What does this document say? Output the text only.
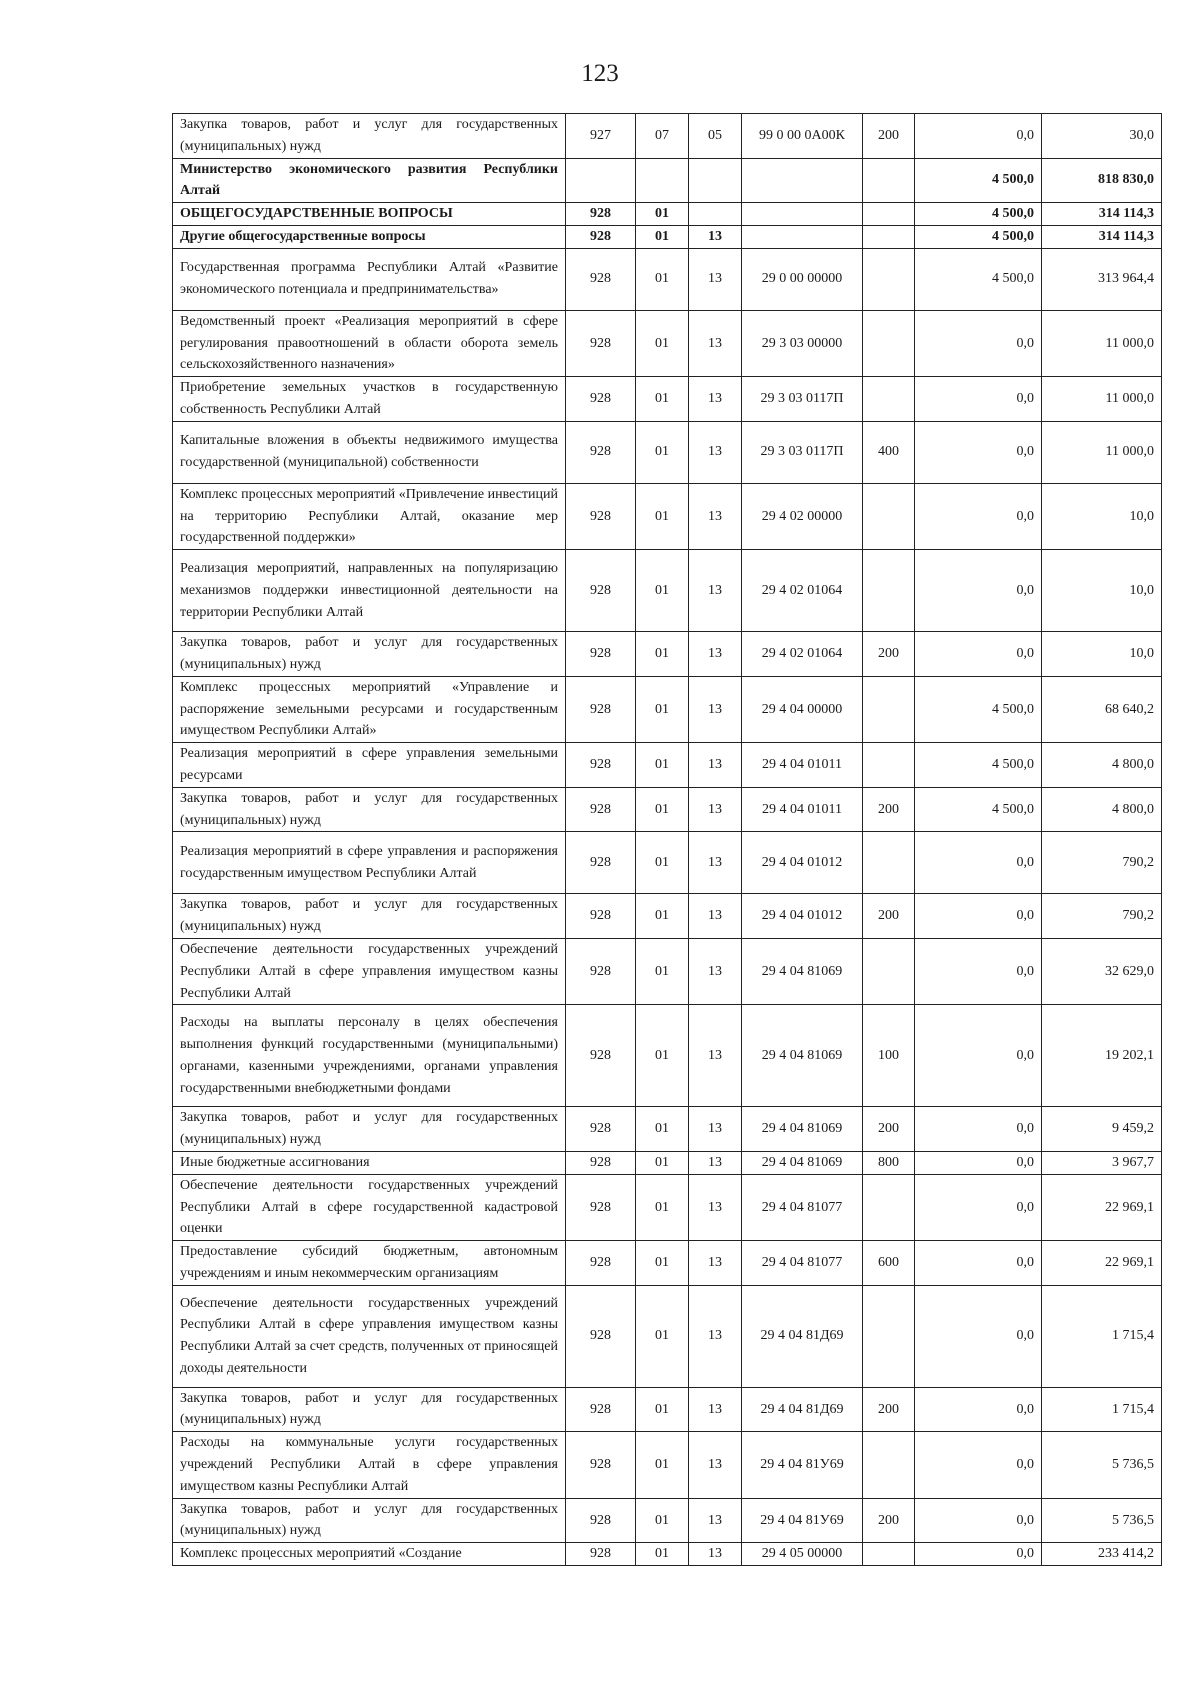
123
Закупка товаров, работ и услуг для государственных (муниципальных) нужд	927	07	05	99 0 00 0А00К	200	0,0	30,0
Министерство экономического развития Республики Алтай						4 500,0	818 830,0
ОБЩЕГОСУДАРСТВЕННЫЕ ВОПРОСЫ	928	01				4 500,0	314 114,3
Другие общегосударственные вопросы	928	01	13			4 500,0	314 114,3
Государственная программа Республики Алтай «Развитие экономического потенциала и предпринимательства»	928	01	13	29 0 00 00000		4 500,0	313 964,4
Ведомственный проект «Реализация мероприятий в сфере регулирования правоотношений в области оборота земель сельскохозяйственного назначения»	928	01	13	29 3 03 00000		0,0	11 000,0
Приобретение земельных участков в государственную собственность Республики Алтай	928	01	13	29 3 03 0117П		0,0	11 000,0
Капитальные вложения в объекты недвижимого имущества государственной (муниципальной) собственности	928	01	13	29 3 03 0117П	400	0,0	11 000,0
Комплекс процессных мероприятий «Привлечение инвестиций на территорию Республики Алтай, оказание мер государственной поддержки»	928	01	13	29 4 02 00000		0,0	10,0
Реализация мероприятий, направленных на популяризацию механизмов поддержки инвестиционной деятельности на территории Республики Алтай	928	01	13	29 4 02 01064		0,0	10,0
Закупка товаров, работ и услуг для государственных (муниципальных) нужд	928	01	13	29 4 02 01064	200	0,0	10,0
Комплекс процессных мероприятий «Управление и распоряжение земельными ресурсами и государственным имуществом Республики Алтай»	928	01	13	29 4 04 00000		4 500,0	68 640,2
Реализация мероприятий в сфере управления земельными ресурсами	928	01	13	29 4 04 01011		4 500,0	4 800,0
Закупка товаров, работ и услуг для государственных (муниципальных) нужд	928	01	13	29 4 04 01011	200	4 500,0	4 800,0
Реализация мероприятий в сфере управления и распоряжения государственным имуществом Республики Алтай	928	01	13	29 4 04 01012		0,0	790,2
Закупка товаров, работ и услуг для государственных (муниципальных) нужд	928	01	13	29 4 04 01012	200	0,0	790,2
Обеспечение деятельности государственных учреждений Республики Алтай в сфере управления имуществом казны Республики Алтай	928	01	13	29 4 04 81069		0,0	32 629,0
Расходы на выплаты персоналу в целях обеспечения выполнения функций государственными (муниципальными) органами, казенными учреждениями, органами управления государственными внебюджетными фондами	928	01	13	29 4 04 81069	100	0,0	19 202,1
Закупка товаров, работ и услуг для государственных (муниципальных) нужд	928	01	13	29 4 04 81069	200	0,0	9 459,2
Иные бюджетные ассигнования	928	01	13	29 4 04 81069	800	0,0	3 967,7
Обеспечение деятельности государственных учреждений Республики Алтай в сфере государственной кадастровой оценки	928	01	13	29 4 04 81077		0,0	22 969,1
Предоставление субсидий бюджетным, автономным учреждениям и иным некоммерческим организациям	928	01	13	29 4 04 81077	600	0,0	22 969,1
Обеспечение деятельности государственных учреждений Республики Алтай в сфере управления имуществом казны Республики Алтай за счет средств, полученных от приносящей доходы деятельности	928	01	13	29 4 04 81Д69		0,0	1 715,4
Закупка товаров, работ и услуг для государственных (муниципальных) нужд	928	01	13	29 4 04 81Д69	200	0,0	1 715,4
Расходы на коммунальные услуги государственных учреждений Республики Алтай в сфере управления имуществом казны Республики Алтай	928	01	13	29 4 04 81У69		0,0	5 736,5
Закупка товаров, работ и услуг для государственных (муниципальных) нужд	928	01	13	29 4 04 81У69	200	0,0	5 736,5
Комплекс процессных мероприятий «Создание	928	01	13	29 4 05 00000		0,0	233 414,2
